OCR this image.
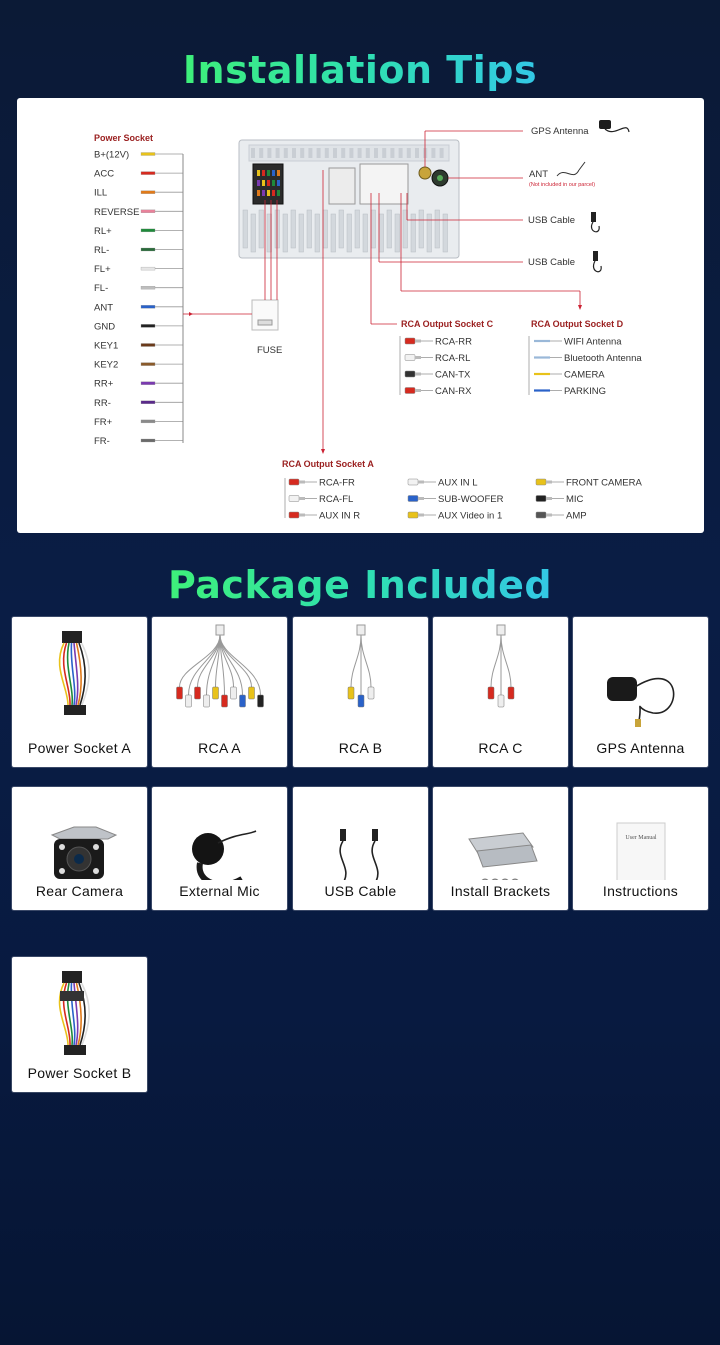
Installation Tips
Package Included
Power Socket
B+(12V)
ACC
ILL
REVERSE
RL+
RL-
FL+
FL-
ANT
GND
KEY1
KEY2
RR+
RR-
FR+
FR-
FUSE
GPS Antenna
ANT
(Not included in our parcel)
USB Cable
USB Cable
RCA Output Socket C
RCA-RR
RCA-RL
CAN-TX
CAN-RX
RCA Output Socket D
WIFI Antenna
Bluetooth Antenna
CAMERA
PARKING
RCA Output Socket A
RCA-FR
RCA-FL
AUX IN R
AUX IN L
SUB-WOOFER
AUX Video in 1
FRONT CAMERA
MIC
AMP
Power Socket A	RCA A	RCA B	RCA C	GPS Antenna
Rear Camera	External Mic	USB Cable	Install Brackets
User Manual
Instructions
Power Socket B
